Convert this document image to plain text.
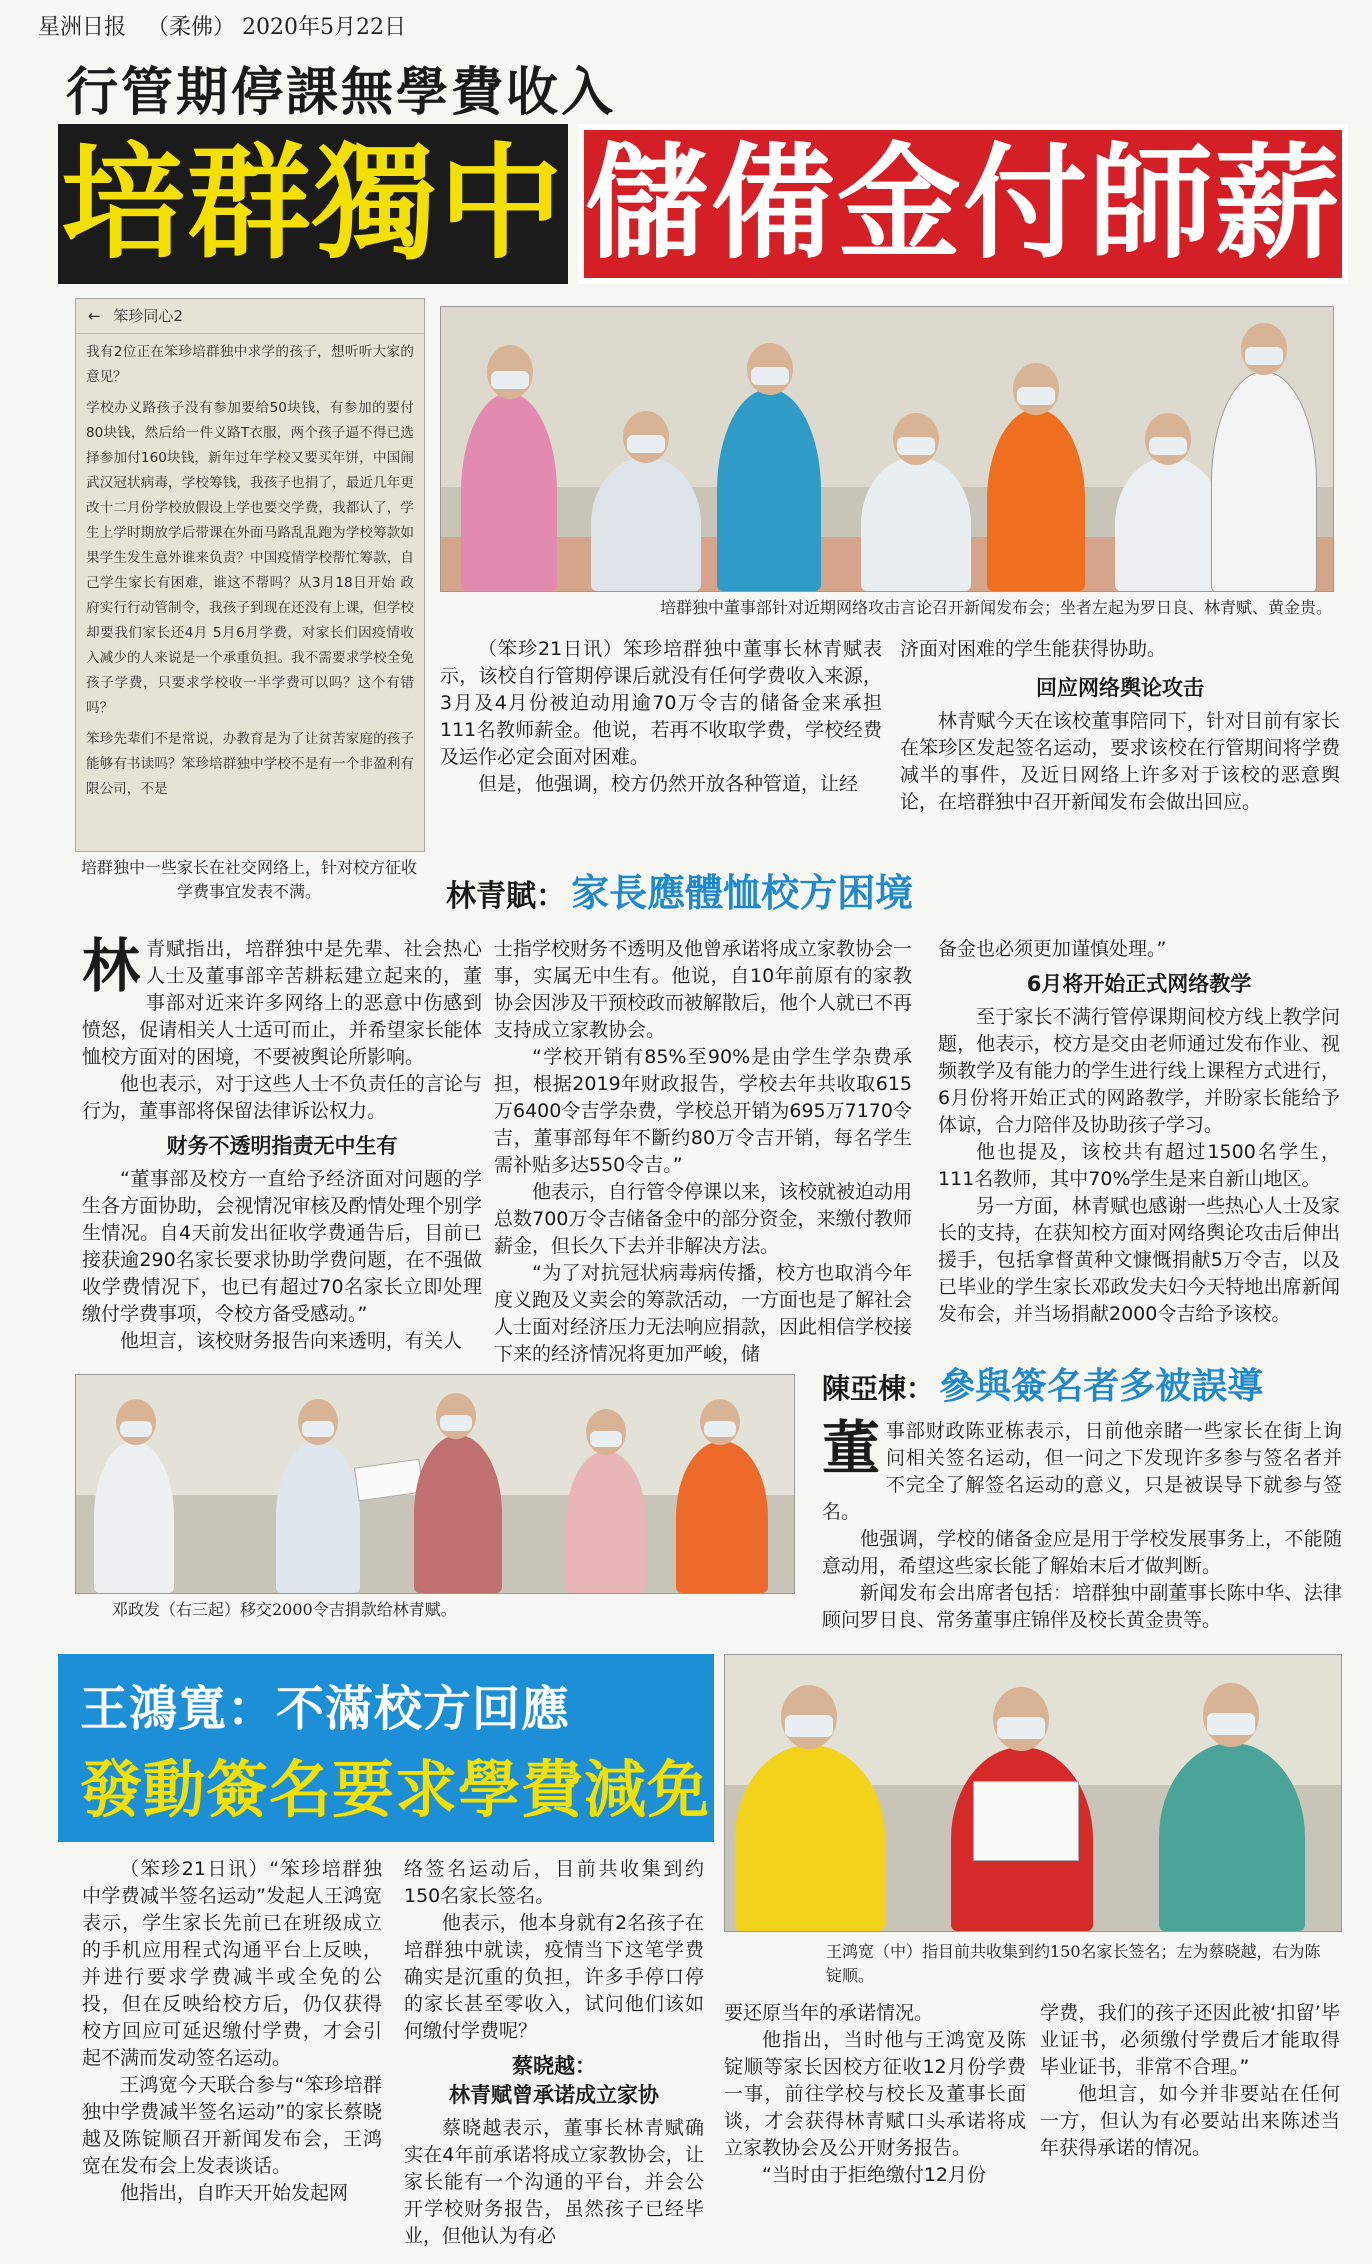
星洲日报 （柔佛） 2020年5月22日
行管期停課無學費收入
培群獨中 儲備金付師薪
← 笨珍同心2

我有2位正在笨珍培群独中求学的孩子，想听听大家的意见？

学校办义路孩子没有参加要给50块钱，有参加的要付80块钱，然后给一件义路T衣服，两个孩子逼不得已选择参加付160块钱，新年过年学校又要买年饼，中国闹武汉冠状病毒，学校筹钱，我孩子也捐了，最近几年更改十二月份学校放假设上学也要交学费，我都认了，学生上学时期放学后带课在外面马路乱乱跑为学校筹款如果学生发生意外谁来负责？中国疫情学校帮忙筹款，自己学生家长有困难，谁这不帮吗？从3月18日开始 政府实行行动管制令，我孩子到现在还没有上课，但学校却要我们家长还4月 5月6月学费，对家长们因疫情收入减少的人来说是一个承重负担。我不需要求学校全免孩子学费，只要求学校收一半学费可以吗？这个有错吗？

笨珍先辈们不是常说，办教育是为了让贫苦家庭的孩子能够有书读吗？笨珍培群独中学校不是有一个非盈利有限公司，不是

培群独中一些家长在社交网络上，针对校方征收学费事宜发表不满。
培群独中董事部针对近期网络攻击言论召开新闻发布会；坐者左起为罗日良、林青赋、黄金贵。

（笨珍21日讯）笨珍培群独中董事长林青赋表示，该校自行管期停课后就没有任何学费收入来源，3月及4月份被迫动用逾70万令吉的储备金来承担111名教师薪金。他说，若再不收取学费，学校经费及运作必定会面对困难。

但是，他强调，校方仍然开放各种管道，让经

济面对困难的学生能获得协助。

回应网络舆论攻击

林青赋今天在该校董事陪同下，针对目前有家长在笨珍区发起签名运动，要求该校在行管期间将学费减半的事件，及近日网络上许多对于该校的恶意舆论，在培群独中召开新闻发布会做出回应。

林青賦： 家長應體恤校方困境

林青赋指出，培群独中是先辈、社会热心人士及董事部辛苦耕耘建立起来的，董事部对近来许多网络上的恶意中伤感到愤怒，促请相关人士适可而止，并希望家长能体恤校方面对的困境，不要被舆论所影响。

他也表示，对于这些人士不负责任的言论与行为，董事部将保留法律诉讼权力。

财务不透明指责无中生有

“董事部及校方一直给予经济面对问题的学生各方面协助，会视情况审核及酌情处理个别学生情况。自4天前发出征收学费通告后，目前已接获逾290名家长要求协助学费问题，在不强做收学费情况下，也已有超过70名家长立即处理缴付学费事项，令校方备受感动。”

他坦言，该校财务报告向来透明，有关人

士指学校财务不透明及他曾承诺将成立家教协会一事，实属无中生有。他说，自10年前原有的家教协会因涉及干预校政而被解散后，他个人就已不再支持成立家教协会。

“学校开销有85%至90%是由学生学杂费承担，根据2019年财政报告，学校去年共收取615万6400令吉学杂费，学校总开销为695万7170令吉，董事部每年不斷约80万令吉开销，每名学生需补贴多达550令吉。”

他表示，自行管令停课以来，该校就被迫动用总数700万令吉储备金中的部分资金，来缴付教师薪金，但长久下去并非解决方法。

“为了对抗冠状病毒病传播，校方也取消今年度义跑及义卖会的筹款活动，一方面也是了解社会人士面对经济压力无法响应捐款，因此相信学校接下来的经济情况将更加严峻，储

备金也必须更加谨慎处理。”

6月将开始正式网络教学

至于家长不满行管停课期间校方线上教学问题，他表示，校方是交由老师通过发布作业、视频教学及有能力的学生进行线上课程方式进行，6月份将开始正式的网路教学，并盼家长能给予体谅，合力陪伴及协助孩子学习。

他也提及，该校共有超过1500名学生，111名教师，其中70%学生是来自新山地区。

另一方面，林青赋也感谢一些热心人士及家长的支持，在获知校方面对网络舆论攻击后伸出援手，包括拿督黄种文慷慨捐献5万令吉，以及已毕业的学生家长邓政发夫妇今天特地出席新闻发布会，并当场捐献2000令吉给予该校。

邓政发（右三起）移交2000令吉捐款给林青赋。
陳亞棟： 參與簽名者多被誤導

董事部财政陈亚栋表示，日前他亲睹一些家长在街上询问相关签名运动，但一问之下发现许多参与签名者并不完全了解签名运动的意义，只是被误导下就参与签名。

他强调，学校的储备金应是用于学校发展事务上，不能随意动用，希望这些家长能了解始末后才做判断。

新闻发布会出席者包括：培群独中副董事长陈中华、法律顾问罗日良、常务董事庄锦伴及校长黄金贵等。

王鴻寬：不滿校方回應
發動簽名要求學費減免
王鸿宽（中）指目前共收集到约150名家长签名；左为蔡晓越，右为陈锭顺。

（笨珍21日讯）“笨珍培群独中学费减半签名运动”发起人王鸿宽表示，学生家长先前已在班级成立的手机应用程式沟通平台上反映，并进行要求学费减半或全免的公投，但在反映给校方后，仍仅获得校方回应可延迟缴付学费，才会引起不满而发动签名运动。

王鸿宽今天联合参与“笨珍培群独中学费减半签名运动”的家长蔡晓越及陈锭顺召开新闻发布会，王鸿宽在发布会上发表谈话。

他指出，自昨天开始发起网

络签名运动后，目前共收集到约150名家长签名。

他表示，他本身就有2名孩子在培群独中就读，疫情当下这笔学费确实是沉重的负担，许多手停口停的家长甚至零收入，试问他们该如何缴付学费呢？

蔡晓越：
林青赋曾承诺成立家协

蔡晓越表示，董事长林青赋确实在4年前承诺将成立家教协会，让家长能有一个沟通的平台，并会公开学校财务报告，虽然孩子已经毕业，但他认为有必

要还原当年的承诺情况。

他指出，当时他与王鸿宽及陈锭顺等家长因校方征收12月份学费一事，前往学校与校长及董事长面谈，才会获得林青赋口头承诺将成立家教协会及公开财务报告。

“当时由于拒绝缴付12月份

学费，我们的孩子还因此被‘扣留’毕业证书，必须缴付学费后才能取得毕业证书，非常不合理。”

他坦言，如今并非要站在任何一方，但认为有必要站出来陈述当年获得承诺的情况。
